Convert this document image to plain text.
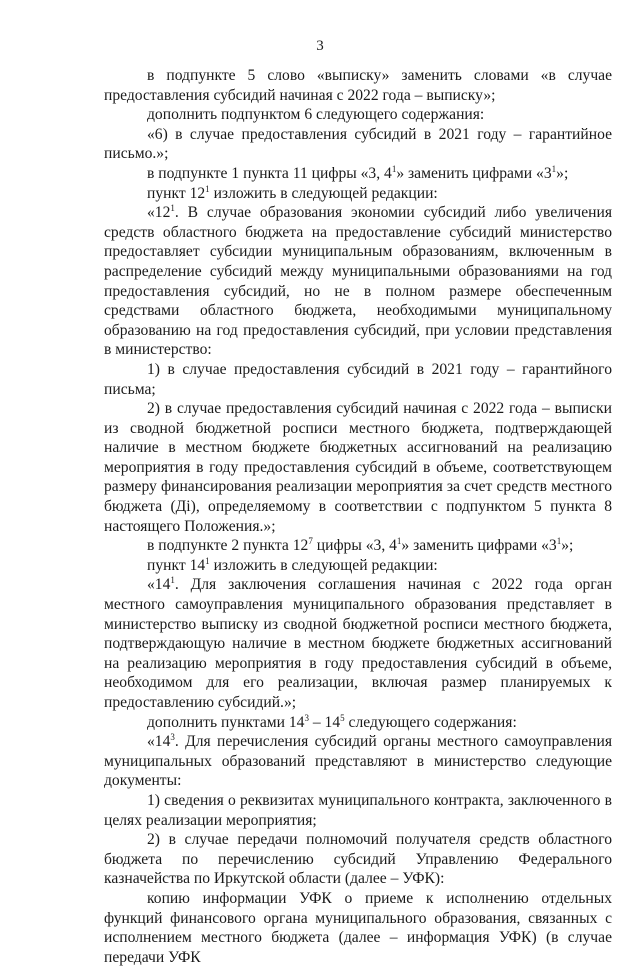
3

в подпункте 5 слово «выписку» заменить словами «в случае предоставления субсидий начиная с 2022 года – выписку»;

дополнить подпунктом 6 следующего содержания:

«6) в случае предоставления субсидий в 2021 году – гарантийное письмо.»;

в подпункте 1 пункта 11 цифры «3, $4^1$» заменить цифрами «$3^1$»;

пункт $12^1$ изложить в следующей редакции:

«$12^1$. В случае образования экономии субсидий либо увеличения средств областного бюджета на предоставление субсидий министерство предоставляет субсидии муниципальным образованиям, включенным в распределение субсидий между муниципальными образованиями на год предоставления субсидий, но не в полном размере обеспеченным средствами областного бюджета, необходимыми муниципальному образованию на год предоставления субсидий, при условии представления в министерство:

1) в случае предоставления субсидий в 2021 году – гарантийного письма;

2) в случае предоставления субсидий начиная с 2022 года – выписки из сводной бюджетной росписи местного бюджета, подтверждающей наличие в местном бюджете бюджетных ассигнований на реализацию мероприятия в году предоставления субсидий в объеме, соответствующем размеру финансирования реализации мероприятия за счет средств местного бюджета (Дi), определяемому в соответствии с подпунктом 5 пункта 8 настоящего Положения.»;

в подпункте 2 пункта $12^7$ цифры «3, $4^1$» заменить цифрами «$3^1$»;

пункт $14^1$ изложить в следующей редакции:

«$14^1$. Для заключения соглашения начиная с 2022 года орган местного самоуправления муниципального образования представляет в министерство выписку из сводной бюджетной росписи местного бюджета, подтверждающую наличие в местном бюджете бюджетных ассигнований на реализацию мероприятия в году предоставления субсидий в объеме, необходимом для его реализации, включая размер планируемых к предоставлению субсидий.»;

дополнить пунктами $14^3 - 14^5$ следующего содержания:

«$14^3$. Для перечисления субсидий органы местного самоуправления муниципальных образований представляют в министерство следующие документы:

1) сведения о реквизитах муниципального контракта, заключенного в целях реализации мероприятия;

2) в случае передачи полномочий получателя средств областного бюджета по перечислению субсидий Управлению Федерального казначейства по Иркутской области (далее – УФК):

копию информации УФК о приеме к исполнению отдельных функций финансового органа муниципального образования, связанных с исполнением местного бюджета (далее – информация УФК) (в случае передачи УФК
